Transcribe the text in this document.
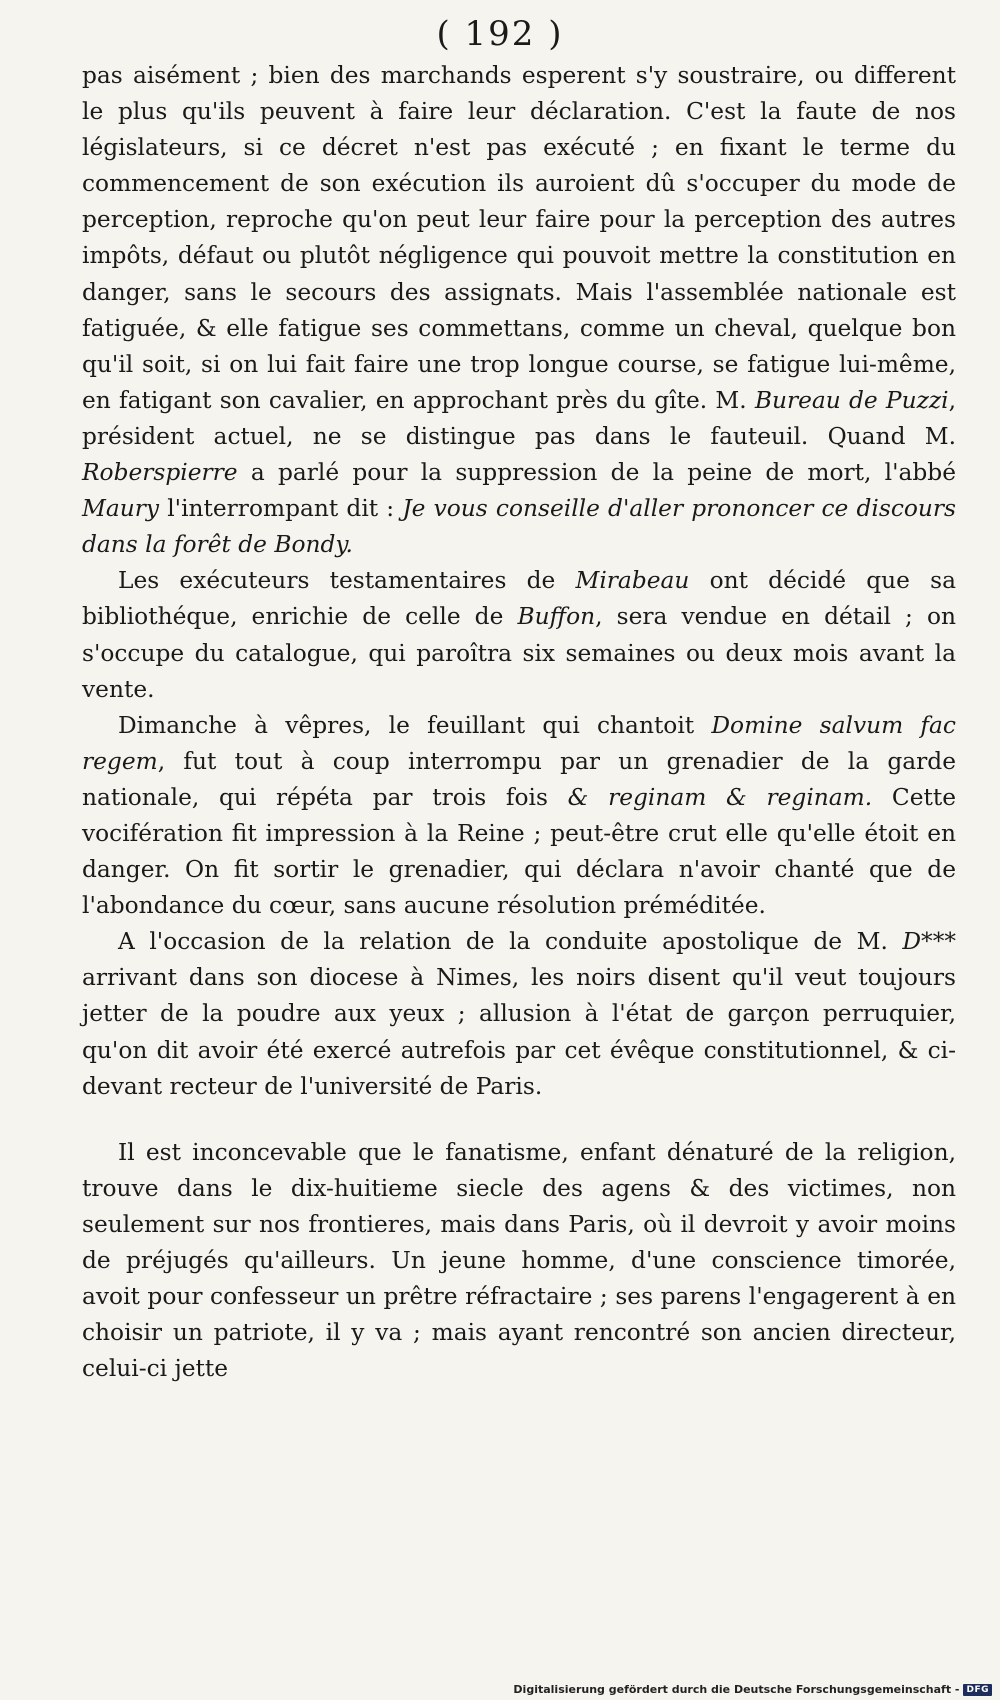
( 192 )

pas aisément ; bien des marchands esperent s'y soustraire, ou different le plus qu'ils peuvent à faire leur déclaration. C'est la faute de nos législateurs, si ce décret n'est pas exécuté ; en fixant le terme du commencement de son exécution ils auroient dû s'occuper du mode de perception, reproche qu'on peut leur faire pour la perception des autres impôts, défaut ou plutôt négligence qui pouvoit mettre la constitution en danger, sans le secours des assignats. Mais l'assemblée nationale est fatiguée, & elle fatigue ses commettans, comme un cheval, quelque bon qu'il soit, si on lui fait faire une trop longue course, se fatigue lui-même, en fatigant son cavalier, en approchant près du gîte. M. Bureau de Puzzi, président actuel, ne se distingue pas dans le fauteuil. Quand M. Roberspierre a parlé pour la suppression de la peine de mort, l'abbé Maury l'interrompant dit : Je vous conseille d'aller prononcer ce discours dans la forêt de Bondy.

Les exécuteurs testamentaires de Mirabeau ont décidé que sa bibliothéque, enrichie de celle de Buffon, sera vendue en détail ; on s'occupe du catalogue, qui paroîtra six semaines ou deux mois avant la vente.

Dimanche à vêpres, le feuillant qui chantoit Domine salvum fac regem, fut tout à coup interrompu par un grenadier de la garde nationale, qui répéta par trois fois & reginam & reginam. Cette vocifération fit impression à la Reine ; peut-être crut elle qu'elle étoit en danger. On fit sortir le grenadier, qui déclara n'avoir chanté que de l'abondance du cœur, sans aucune résolution préméditée.

A l'occasion de la relation de la conduite apostolique de M. D*** arrivant dans son diocese à Nimes, les noirs disent qu'il veut toujours jetter de la poudre aux yeux ; allusion à l'état de garçon perruquier, qu'on dit avoir été exercé autrefois par cet évêque constitutionnel, & ci-devant recteur de l'université de Paris.

Il est inconcevable que le fanatisme, enfant dénaturé de la religion, trouve dans le dix-huitieme siecle des agens & des victimes, non seulement sur nos frontieres, mais dans Paris, où il devroit y avoir moins de préjugés qu'ailleurs. Un jeune homme, d'une conscience timorée, avoit pour confesseur un prêtre réfractaire ; ses parens l'engagerent à en choisir un patriote, il y va ; mais ayant rencontré son ancien directeur, celui-ci jette

Digitalisierung gefördert durch die Deutsche Forschungsgemeinschaft - DFG
